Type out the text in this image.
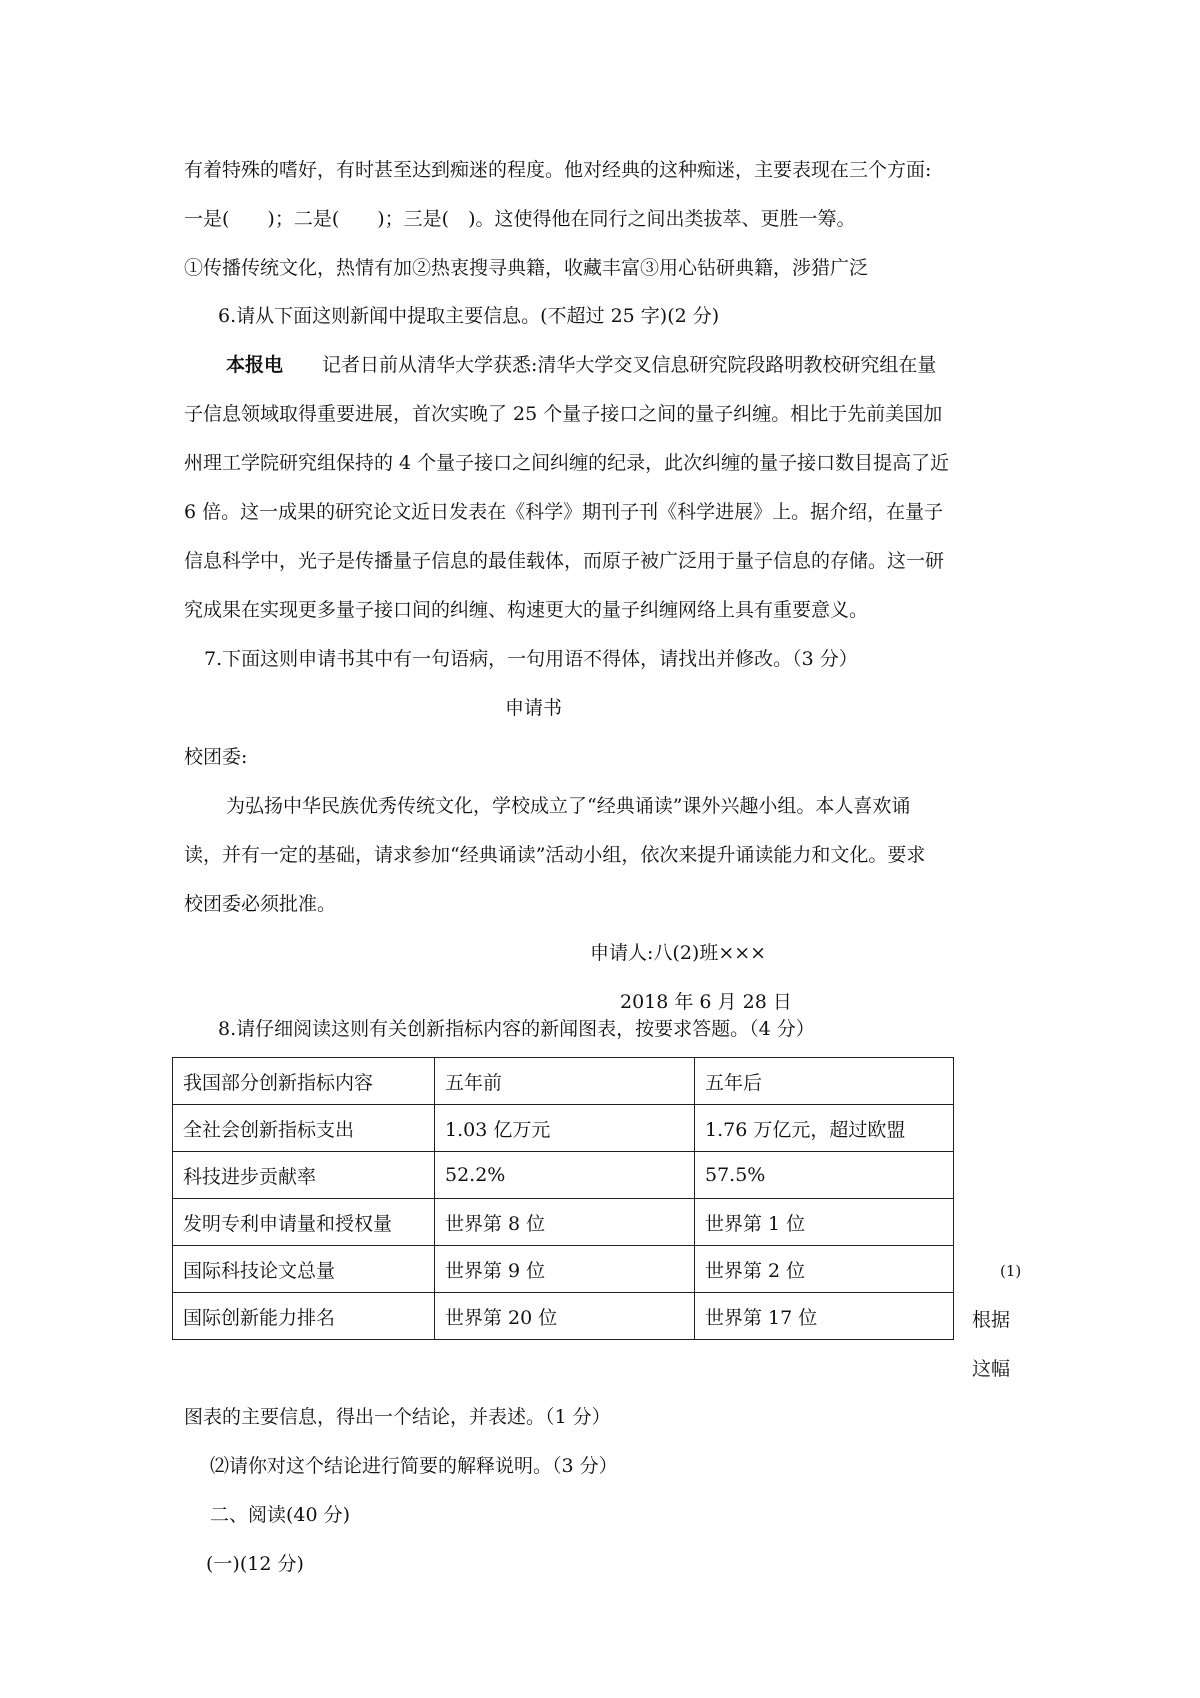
有着特殊的嗜好，有时甚至达到痴迷的程度。他对经典的这种痴迷，主要表现在三个方面:
一是(　　)；二是(　　)；三是(　)。这使得他在同行之间出类拔萃、更胜一筹。
①传播传统文化，热情有加②热衷搜寻典籍，收藏丰富③用心钻研典籍，涉猎广泛
6.请从下面这则新闻中提取主要信息。(不超过 25 字)(2 分)
本报电 记者日前从清华大学获悉:清华大学交叉信息研究院段路明教校研究组在量
子信息领域取得重要进展，首次实晚了 25 个量子接口之间的量子纠缠。相比于先前美国加
州理工学院研究组保持的 4 个量子接口之间纠缠的纪录，此次纠缠的量子接口数目提高了近
6 倍。这一成果的研究论文近日发表在《科学》期刊子刊《科学进展》上。据介绍，在量子
信息科学中，光子是传播量子信息的最佳载体，而原子被广泛用于量子信息的存储。这一研
究成果在实现更多量子接口间的纠缠、构速更大的量子纠缠网络上具有重要意义。
7.下面这则申请书其中有一句语病，一句用语不得体，请找出并修改。（3 分）
申请书
校团委:
为弘扬中华民族优秀传统文化，学校成立了“经典诵读”课外兴趣小组。本人喜欢诵
读，并有一定的基础，请求参加“经典诵读”活动小组，依次来提升诵读能力和文化。要求
校团委必须批准。
申请人:八(2)班×××
2018 年 6 月 28 日
8.请仔细阅读这则有关创新指标内容的新闻图表，按要求答题。（4 分）
我国部分创新指标内容	五年前	五年后
全社会创新指标支出	1.03 亿万元	1.76 万亿元，超过欧盟
科技进步贡献率	52.2%	57.5%
发明专利申请量和授权量	世界第 8 位	世界第 1 位
国际科技论文总量	世界第 9 位	世界第 2 位
国际创新能力排名	世界第 20 位	世界第 17 位
(1)
根据
这幅
图表的主要信息，得出一个结论，并表述。（1 分）
⑵请你对这个结论进行简要的解释说明。（3 分）
二、阅读(40 分)
(一)(12 分)
